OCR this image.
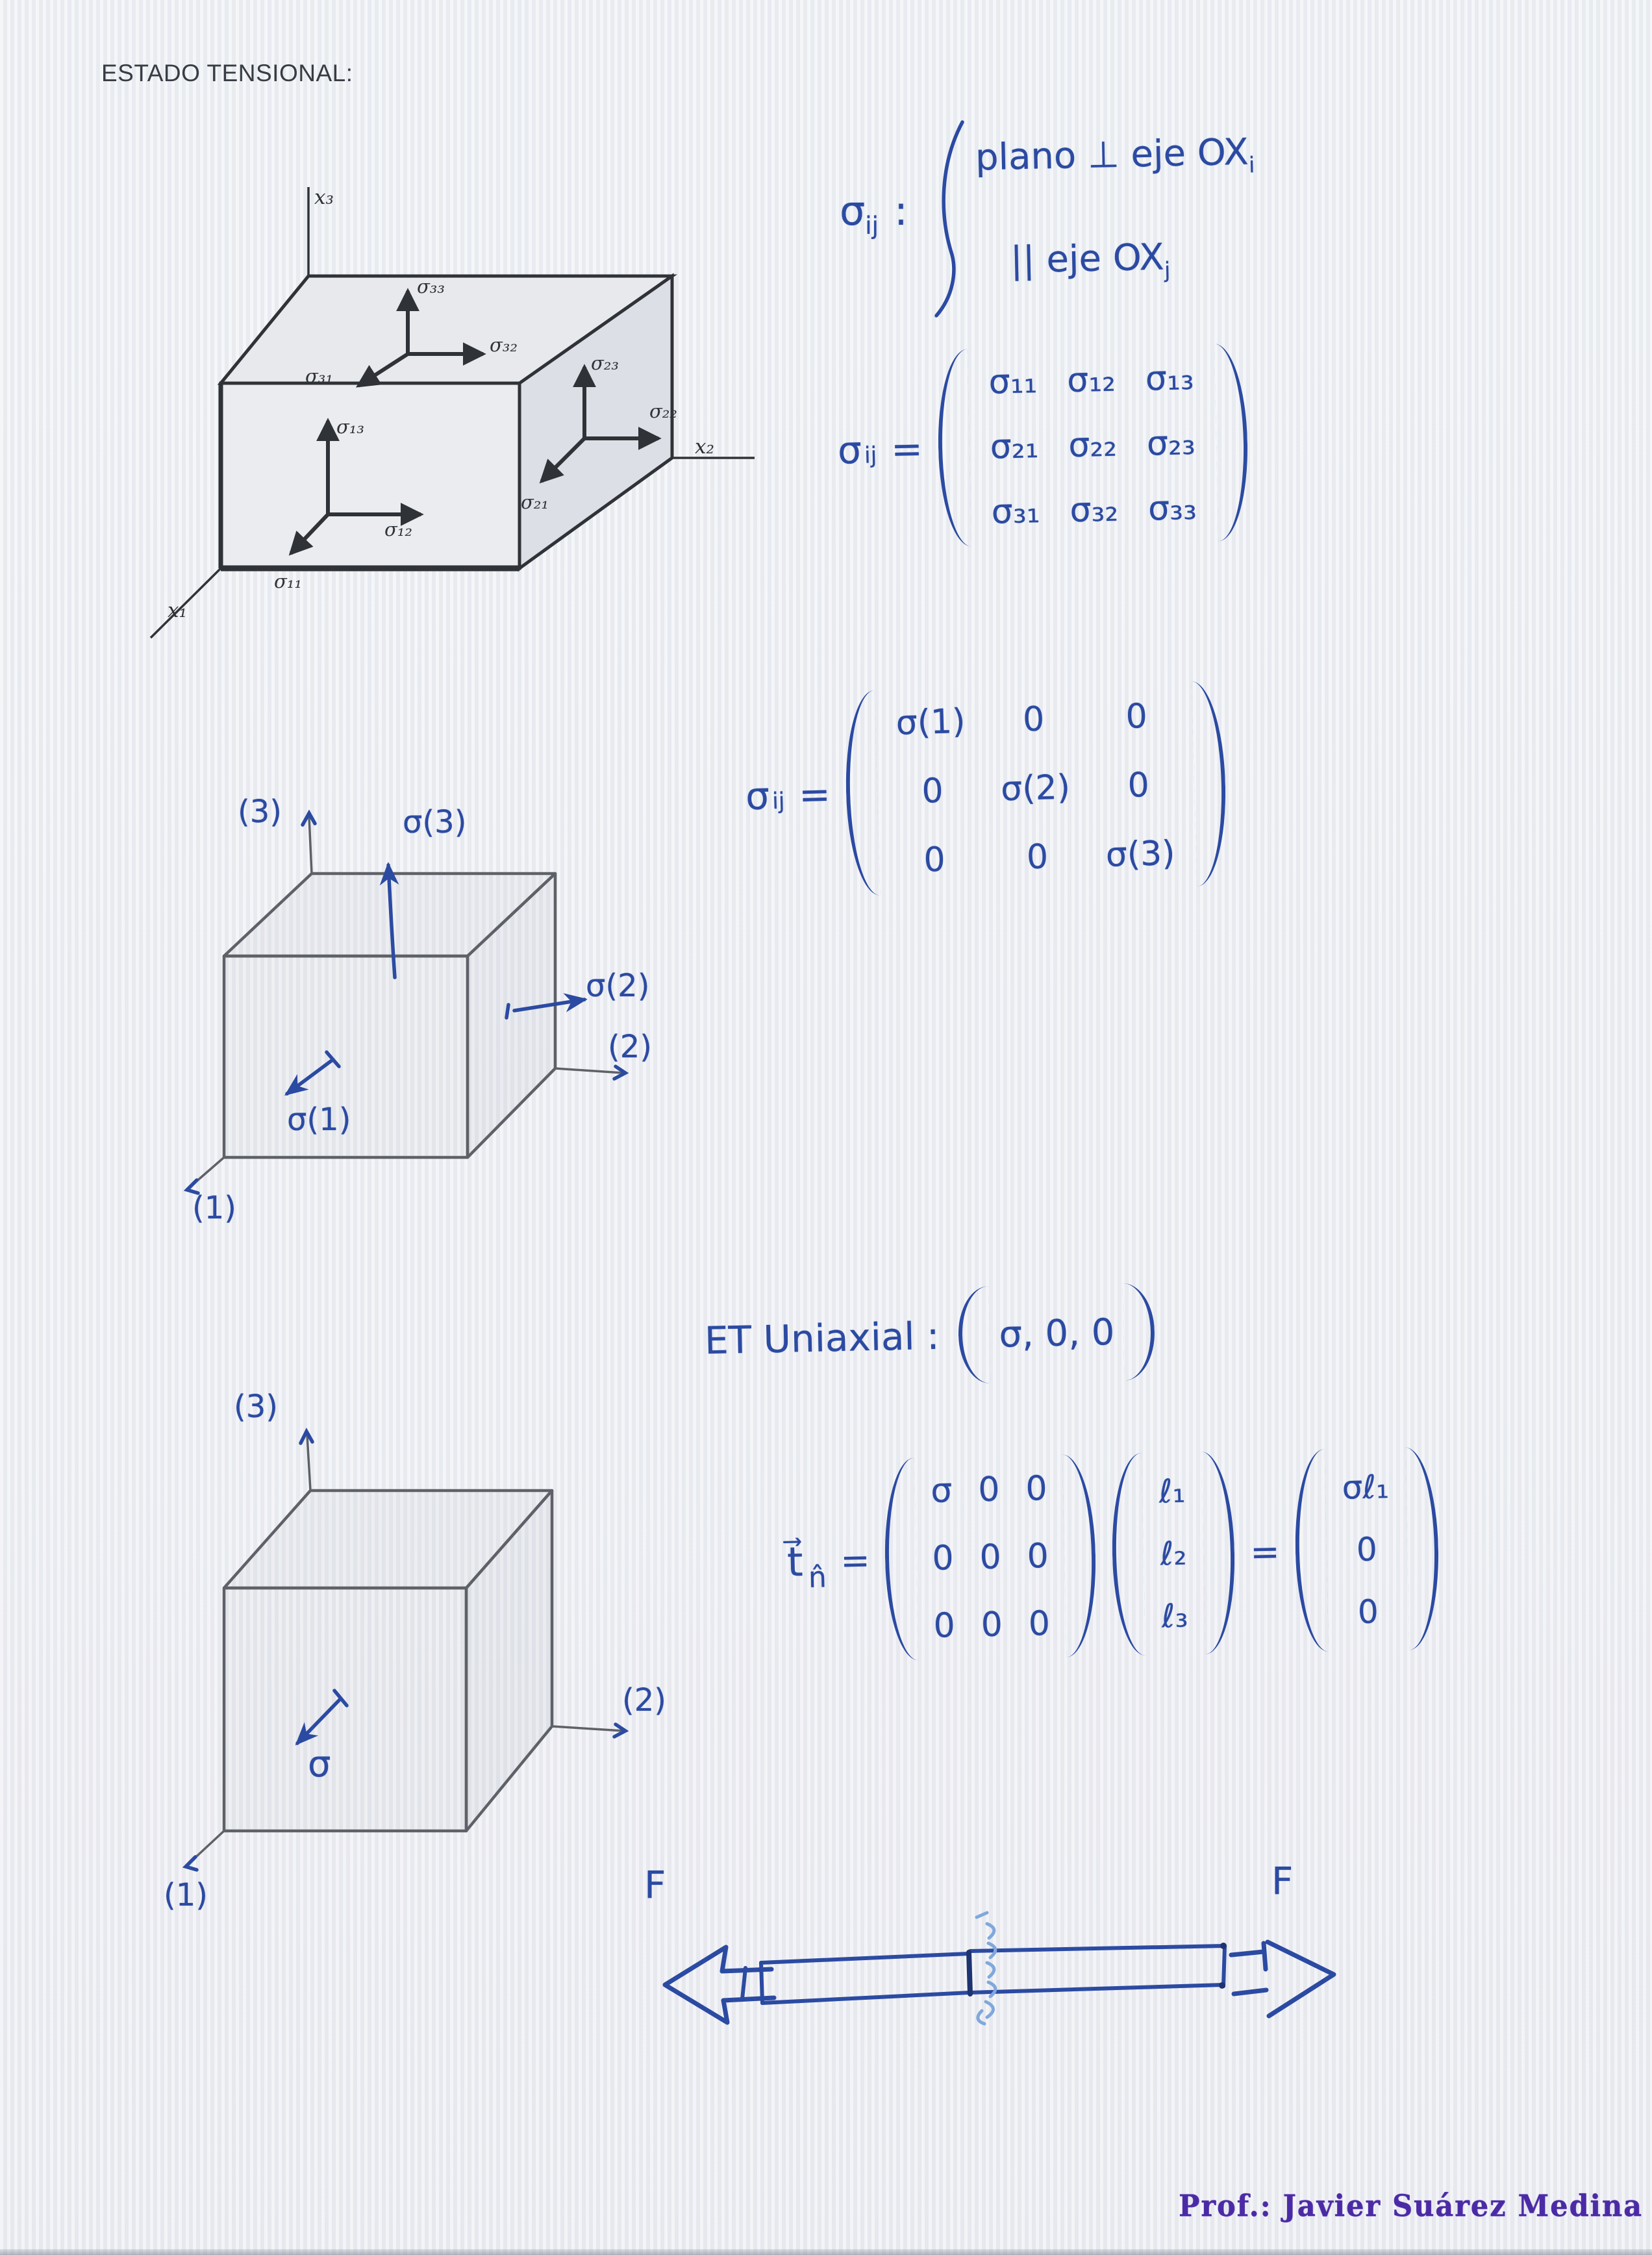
ESTADO TENSIONAL:
x₃
x₂
x₁
σ₃₃
σ₃₂
σ₃₁
σ₂₃
σ₂₂
σ₂₁
σ₁₃
σ₁₂
σ₁₁
$\sigma_{ij}$ :
plano ⊥ eje $OX_i$
|| eje $OX_j$
σ ij =
σ₁₁ σ₁₂ σ₁₃
σ₂₁ σ₂₂ σ₂₃
σ₃₁ σ₃₂ σ₃₃
σ ij =
σ(1)	0	0
0	σ(2)	0
0	0	σ(3)
(3)	σ(3)
σ(2)
(2)
σ(1)
(1)
ET Uniaxial : σ, 0, 0
t⃗ n̂ =
σ 0 0
0 0 0
0 0 0
ℓ₁
ℓ₂
ℓ₃
=
σℓ₁
0
0
(3)
(2)
σ
(1)	F	F
Prof.: Javier Suárez Medina
